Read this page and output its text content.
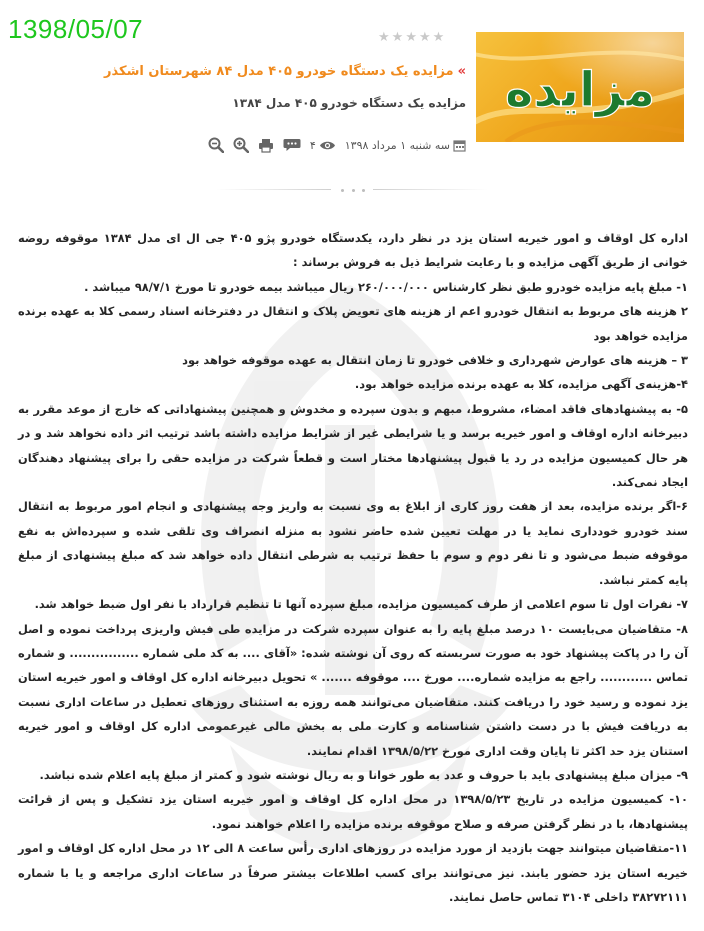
1398/05/07
مزایده
★ ★ ★ ★ ★
»مزایده یک دستگاه خودرو ۴۰۵ مدل ۸۴ شهرستان اشکذر
مزایده یک دستگاه خودرو ۴۰۵ مدل ۱۳۸۴
سه شنبه ۱ مرداد ۱۳۹۸
۴

اداره کل اوقاف و امور خیریه استان یزد در نظر دارد، یکدستگاه خودرو پژو ۴۰۵ جی ال ای مدل ۱۳۸۴ موقوفه روضه خوانی از طریق آگهی مزایده و با رعایت شرایط ذیل به فروش برساند :

۱- مبلغ پایه مزایده خودرو طبق نظر کارشناس ۲۶۰/۰۰۰/۰۰۰ ریال میباشد بیمه خودرو تا مورخ ۹۸/۷/۱ میباشد .

۲ هزینه های مربوط به انتقال خودرو اعم از هزینه های تعویض پلاک و انتقال در دفترخانه اسناد رسمی کلا به عهده برنده مزایده خواهد بود

۳ – هزینه های عوارض شهرداری و خلافی خودرو تا زمان انتقال به عهده موقوفه خواهد بود

۴-هزینه‌ی آگهی مزایده، کلا به عهده برنده مزایده خواهد بود.

۵- به پیشنهادهای فاقد امضاء، مشروط، مبهم و بدون سپرده و مخدوش و همچنین پیشنهاداتی که خارج از موعد مقرر به دبیرخانه اداره اوقاف و امور خیریه برسد و یا شرایطی غیر از شرایط مزایده داشته باشد ترتیب اثر داده نخواهد شد و در هر حال کمیسیون مزایده در رد یا قبول پیشنهادها مختار است و قطعاً شرکت در مزایده حقی را برای پیشنهاد دهندگان ایجاد نمی‌کند.

۶-اگر برنده مزایده، بعد از هفت روز کاری از ابلاغ به وی نسبت به واریز وجه پیشنهادی و انجام امور مربوط به انتقال سند خودرو خودداری نماید یا در مهلت تعیین شده حاضر نشود به منزله انصراف وی تلقی شده و سپرده‌اش به نفع موقوفه ضبط می‌شود و تا نفر دوم و سوم با حفظ ترتیب به شرطی انتقال داده خواهد شد که مبلغ پیشنهادی از مبلغ پایه کمتر نباشد.

۷- نفرات اول تا سوم اعلامی از طرف کمیسیون مزایده، مبلغ سپرده آنها تا تنظیم قرارداد با نفر اول ضبط خواهد شد.

۸- متقاضیان می‌بایست ۱۰ درصد مبلغ پایه را به عنوان سپرده شرکت در مزایده طی فیش واریزی پرداخت نموده و اصل آن را در پاکت پیشنهاد خود به صورت سربسته که روی آن نوشته شده: «آقای .... به کد ملی شماره ................ و شماره تماس ............ راجع به مزایده شماره.... مورخ .... موقوفه ....... » تحویل دبیرخانه اداره کل اوقاف و امور خیریه استان یزد نموده و رسید خود را دریافت کنند. متقاضیان می‌توانند همه روزه به استثنای روزهای تعطیل در ساعات اداری نسبت به دریافت فیش با در دست داشتن شناسنامه و کارت ملی به بخش مالی غیرعمومی اداره کل اوقاف و امور خیریه استنان یزد حد اکثر تا پایان وقت اداری مورخ ۱۳۹۸/۵/۲۲ اقدام نمایند.

۹- میزان مبلغ پیشنهادی باید با حروف و عدد به طور خوانا و به ریال نوشته شود و کمتر از مبلغ پایه اعلام شده نباشد.

۱۰- کمیسیون مزایده در تاریخ ۱۳۹۸/۵/۲۳ در محل اداره کل اوقاف و امور خیریه استان یزد تشکیل و پس از قرائت پیشنهادها، با در نظر گرفتن صرفه و صلاح موقوفه برنده مزایده را اعلام خواهند نمود.

۱۱-متقاضیان میتوانند جهت بازدید از مورد مزایده در روزهای اداری رأس ساعت ۸ الی ۱۲ در محل اداره کل اوقاف و امور خیریه استان یزد حضور یابند. نیز می‌توانند برای کسب اطلاعات بیشتر صرفاً در ساعات اداری مراجعه و یا با شماره ۳۸۲۷۲۱۱۱ داخلی ۳۱۰۴ تماس حاصل نمایند.
